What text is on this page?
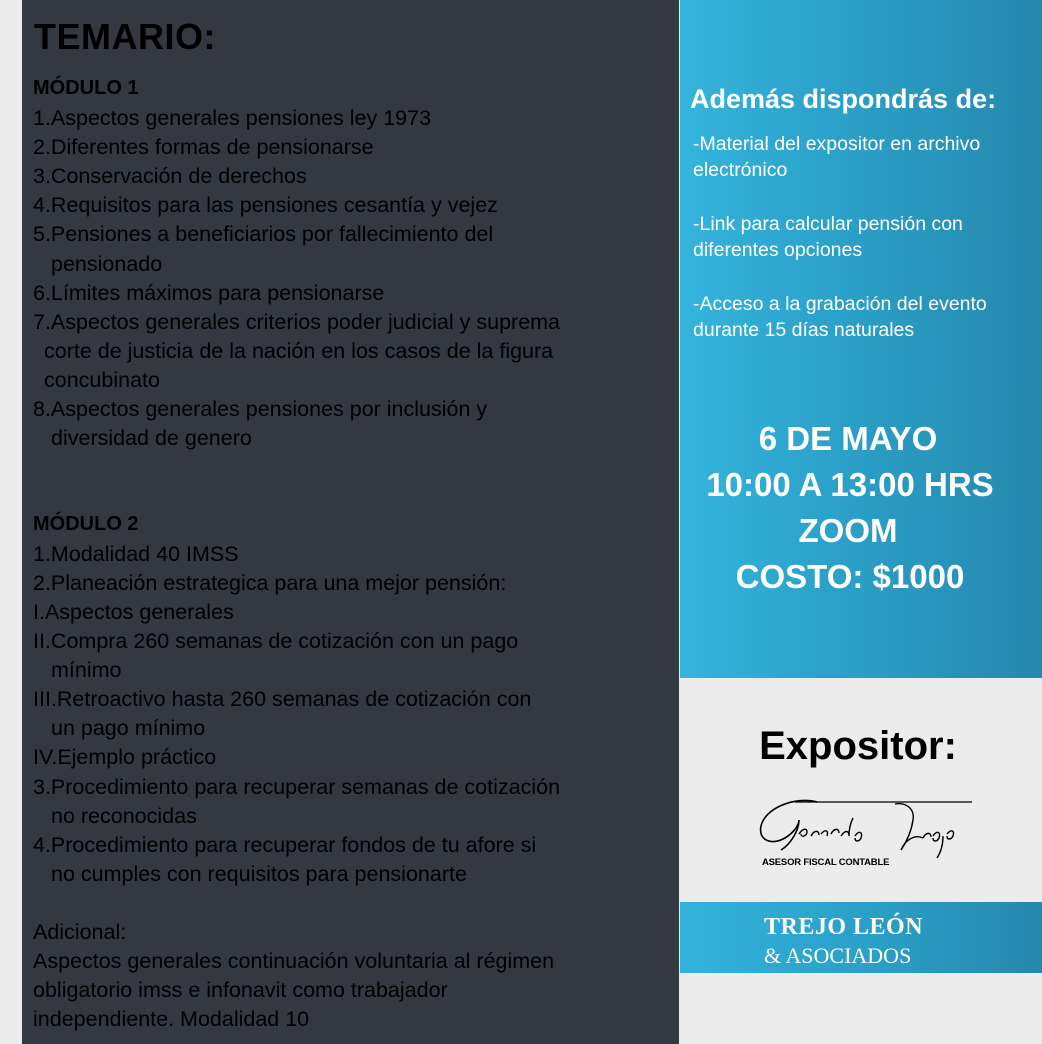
TEMARIO:
MÓDULO 1
1.Aspectos generales pensiones ley 1973
2.Diferentes formas de pensionarse
3.Conservación de derechos
4.Requisitos para las pensiones cesantía y vejez
5.Pensiones a beneficiarios por fallecimiento del
pensionado
6.Límites máximos para pensionarse
7.Aspectos generales criterios poder judicial y suprema
corte de justicia de la nación en los casos de la figura
concubinato
8.Aspectos generales pensiones por inclusión y
diversidad de genero
MÓDULO 2
1.Modalidad 40 IMSS
2.Planeación estrategica para una mejor pensión:
I.Aspectos generales
II.Compra 260 semanas de cotización con un pago
mínimo
III.Retroactivo hasta 260 semanas de cotización con
un pago mínimo
IV.Ejemplo práctico
3.Procedimiento para recuperar semanas de cotización
no reconocidas
4.Procedimiento para recuperar fondos de tu afore si
no cumples con requisitos para pensionarte
Adicional:
Aspectos generales continuación voluntaria al régimen
obligatorio imss e infonavit como trabajador
independiente. Modalidad 10
Además dispondrás de:
-Material del expositor en archivo
electrónico
-Link para calcular pensión con
diferentes opciones
-Acceso a la grabación del evento
durante 15 días naturales
6 DE MAYO
10:00 A 13:00 HRS
ZOOM
COSTO: $1000
Expositor:
ASESOR FISCAL CONTABLE
TREJO LEÓN
& ASOCIADOS
